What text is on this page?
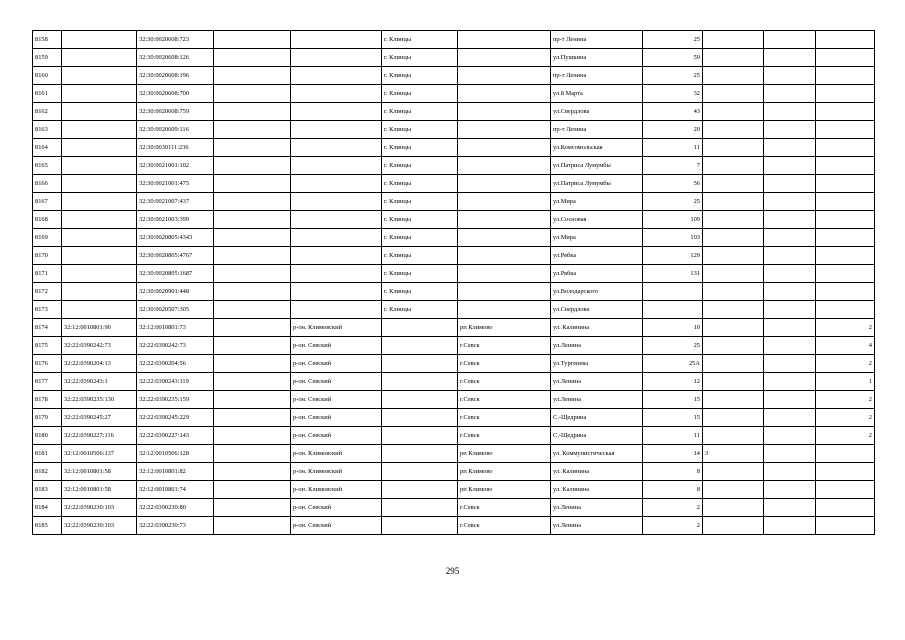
8158		32:30:0020608:723			г. Клинцы		пр-т Ленина	25			
8159		32:30:0020608:126			г. Клинцы		ул.Пушкина	59			
8160		32:30:0020608:196			г. Клинцы		пр-т Ленина	25			
8161		32:30:0020608:700			г. Клинцы		ул.8 Марта	32			
8162		32:30:0020608:759			г. Клинцы		ул.Свердлова	43			
8163		32:30:0020609:116			г. Клинцы		пр-т Ленина	20			
8164		32:30:0030111:236			г. Клинцы		ул.Комсомольская	11			
8165		32:30:0021001:102			г. Клинцы		ул.Патриса Лумумбы	7			
8166		32:30:0021001:475			г. Клинцы		ул.Патриса Лумумбы	56			
8167		32:30:0021007:437			г. Клинцы		ул.Мира	25			
8168		32:30:0021003:399			г. Клинцы		ул.Сосновая	109			
8169		32:30:0020805:4343			г. Клинцы		ул.Мира	103			
8170		32:30:0020805:4767			г. Клинцы		ул.Рябка	129			
8171		32:30:0020805:1687			г. Клинцы		ул.Рябка	131			
8172		32:30:0020901:448			г. Клинцы		ул.Володарского				
8173		32:30:0020507:305			г. Клинцы		ул.Свердлова				
8174	32:12:0010801:90	32:12:0010801:73		р-он. Климовский		рп Климово	ул. Калинина	10			2
8175	32:22:0390242:73	32:22:0390242:73		р-он. Севский		г.Севск	ул.Ленина	25			4
8176	32:22:0390204:13	32:22:0390204:56		р-он. Севский		г.Севск	ул.Тургенева	25А			2
8177	32:22:0390243:1	32:22:0390243:119		р-он. Севский		г.Севск	ул.Ленина	12			1
8178	32:22:0390235:130	32:22:0390235:159		р-он. Севский		г.Севск	ул.Ленина	15			2
8179	32:22:0390245:27	32:22:0390245:229		р-он. Севский		г.Севск	С.-Щедрина	15			2
8180	32:22:0390227:116	32:22:0390227:143		р-он. Севский		г.Севск	С.-Щедрина	11			2
8181	32:12:0010506:137	32:12:0010506:128		р-он. Климовский		рп Климово	ул. Коммунистическая	14	3		
8182	32:12:0010801:58	32:12:0010801:82		р-он. Климовский		рп Климово	ул. Калинина	8			
8183	32:12:0010801:58	32:12:0010801:74		р-он. Климовский		рп Климово	ул. Калинина	8			
8184	32:22:0390230:103	32:22:0390230:80		р-он. Севский		г.Севск	ул.Ленина	2			
8185	32:22:0390230:103	32:22:0390230:73		р-он. Севский		г.Севск	ул.Ленина	2			
295
